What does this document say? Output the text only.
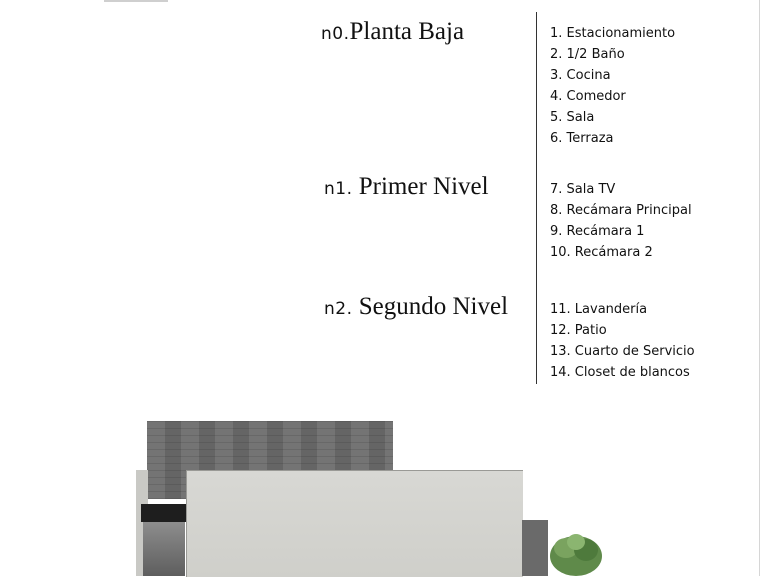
n0.Planta Baja	1. Estacionamiento
2. 1/2 Baño
3. Cocina
4. Comedor
5. Sala
6. Terraza
n1. Primer Nivel	7. Sala TV
8. Recámara Principal
9. Recámara 1
10. Recámara 2
n2. Segundo Nivel	11. Lavandería
12. Patio
13. Cuarto de Servicio
14. Closet de blancos
